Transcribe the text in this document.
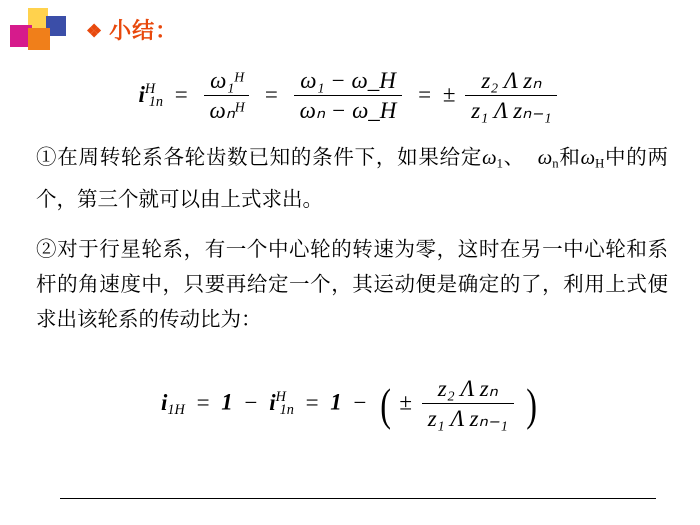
❖ 小结：
$i^H_{1n} = \frac{\text{ω₁ᴴ}}{\text{ωₙᴴ}} = \frac{\text{ω₁ − ω\_H}}{\text{ωₙ − ω\_H}}$ = ± $\frac{\text{z₂ Λ zₙ}}{\text{z₁ Λ zₙ₋₁}}$
①在周转轮系各轮齿数已知的条件下，如果给定ω1、 ωn和ωH中的两个，第三个就可以由上式求出。
②对于行星轮系，有一个中心轮的转速为零，这时在另一中心轮和系杆的角速度中，只要再给定一个，其运动便是确定的了，利用上式便求出该轮系的传动比为：
$i_{1H} = 1 - i^H_{1n} = 1$ − ( ± $\frac{\text{z₂ Λ zₙ}}{\text{z₁ Λ zₙ₋₁}}$ )
